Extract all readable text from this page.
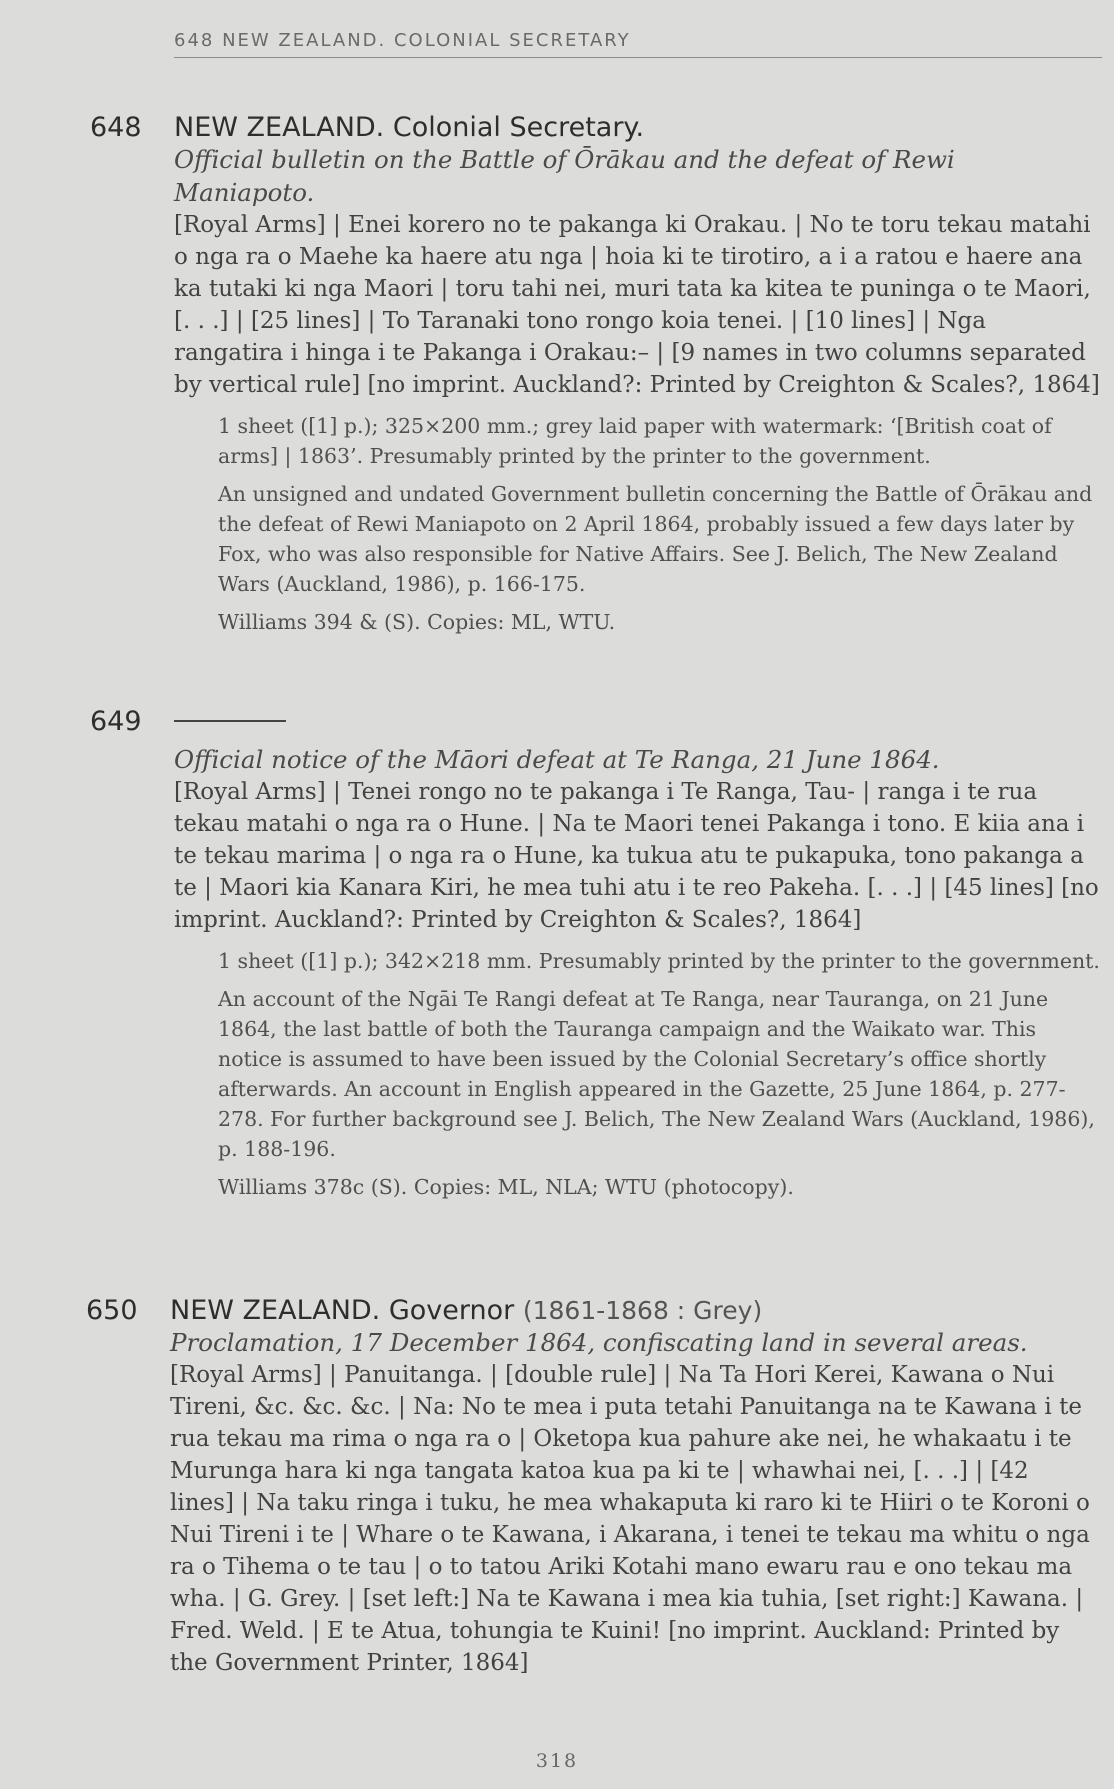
648 NEW ZEALAND. COLONIAL SECRETARY
648	NEW ZEALAND. Colonial Secretary.
Official bulletin on the Battle of Ōrākau and the defeat of Rewi Maniapoto.
[Royal Arms] | Enei korero no te pakanga ki Orakau. | No te toru tekau matahi o nga ra o Maehe ka haere atu nga | hoia ki te tirotiro, a i a ratou e haere ana ka tutaki ki nga Maori | toru tahi nei, muri tata ka kitea te puninga o te Maori, [. . .] | [25 lines] | To Taranaki tono rongo koia tenei. | [10 lines] | Nga rangatira i hinga i te Pakanga i Orakau:– | [9 names in two columns separated by vertical rule] [no imprint. Auckland?: Printed by Creighton & Scales?, 1864]

1 sheet ([1] p.); 325×200 mm.; grey laid paper with watermark: ‘[British coat of arms] | 1863’. Presumably printed by the printer to the government.

An unsigned and undated Government bulletin concerning the Battle of Ōrākau and the defeat of Rewi Maniapoto on 2 April 1864, probably issued a few days later by Fox, who was also responsible for Native Affairs. See J. Belich, The New Zealand Wars (Auckland, 1986), p. 166-175.

Williams 394 & (S). Copies: ML, WTU.

649
Official notice of the Māori defeat at Te Ranga, 21 June 1864.
[Royal Arms] | Tenei rongo no te pakanga i Te Ranga, Tau- | ranga i te rua tekau matahi o nga ra o Hune. | Na te Maori tenei Pakanga i tono. E kiia ana i te tekau marima | o nga ra o Hune, ka tukua atu te pukapuka, tono pakanga a te | Maori kia Kanara Kiri, he mea tuhi atu i te reo Pakeha. [. . .] | [45 lines] [no imprint. Auckland?: Printed by Creighton & Scales?, 1864]

1 sheet ([1] p.); 342×218 mm. Presumably printed by the printer to the government.

An account of the Ngāi Te Rangi defeat at Te Ranga, near Tauranga, on 21 June 1864, the last battle of both the Tauranga campaign and the Waikato war. This notice is assumed to have been issued by the Colonial Secretary’s office shortly afterwards. An account in English appeared in the Gazette, 25 June 1864, p. 277-278. For further background see J. Belich, The New Zealand Wars (Auckland, 1986), p. 188-196.

Williams 378c (S). Copies: ML, NLA; WTU (photocopy).

650	NEW ZEALAND. Governor (1861-1868 : Grey)
Proclamation, 17 December 1864, confiscating land in several areas.
[Royal Arms] | Panuitanga. | [double rule] | Na Ta Hori Kerei, Kawana o Nui Tireni, &c. &c. &c. | Na: No te mea i puta tetahi Panuitanga na te Kawana i te rua tekau ma rima o nga ra o | Oketopa kua pahure ake nei, he whakaatu i te Murunga hara ki nga tangata katoa kua pa ki te | whawhai nei, [. . .] | [42 lines] | Na taku ringa i tuku, he mea whakaputa ki raro ki te Hiiri o te Koroni o Nui Tireni i te | Whare o te Kawana, i Akarana, i tenei te tekau ma whitu o nga ra o Tihema o te tau | o to tatou Ariki Kotahi mano ewaru rau e ono tekau ma wha. | G. Grey. | [set left:] Na te Kawana i mea kia tuhia, [set right:] Kawana. | Fred. Weld. | E te Atua, tohungia te Kuini! [no imprint. Auckland: Printed by the Government Printer, 1864]
318
